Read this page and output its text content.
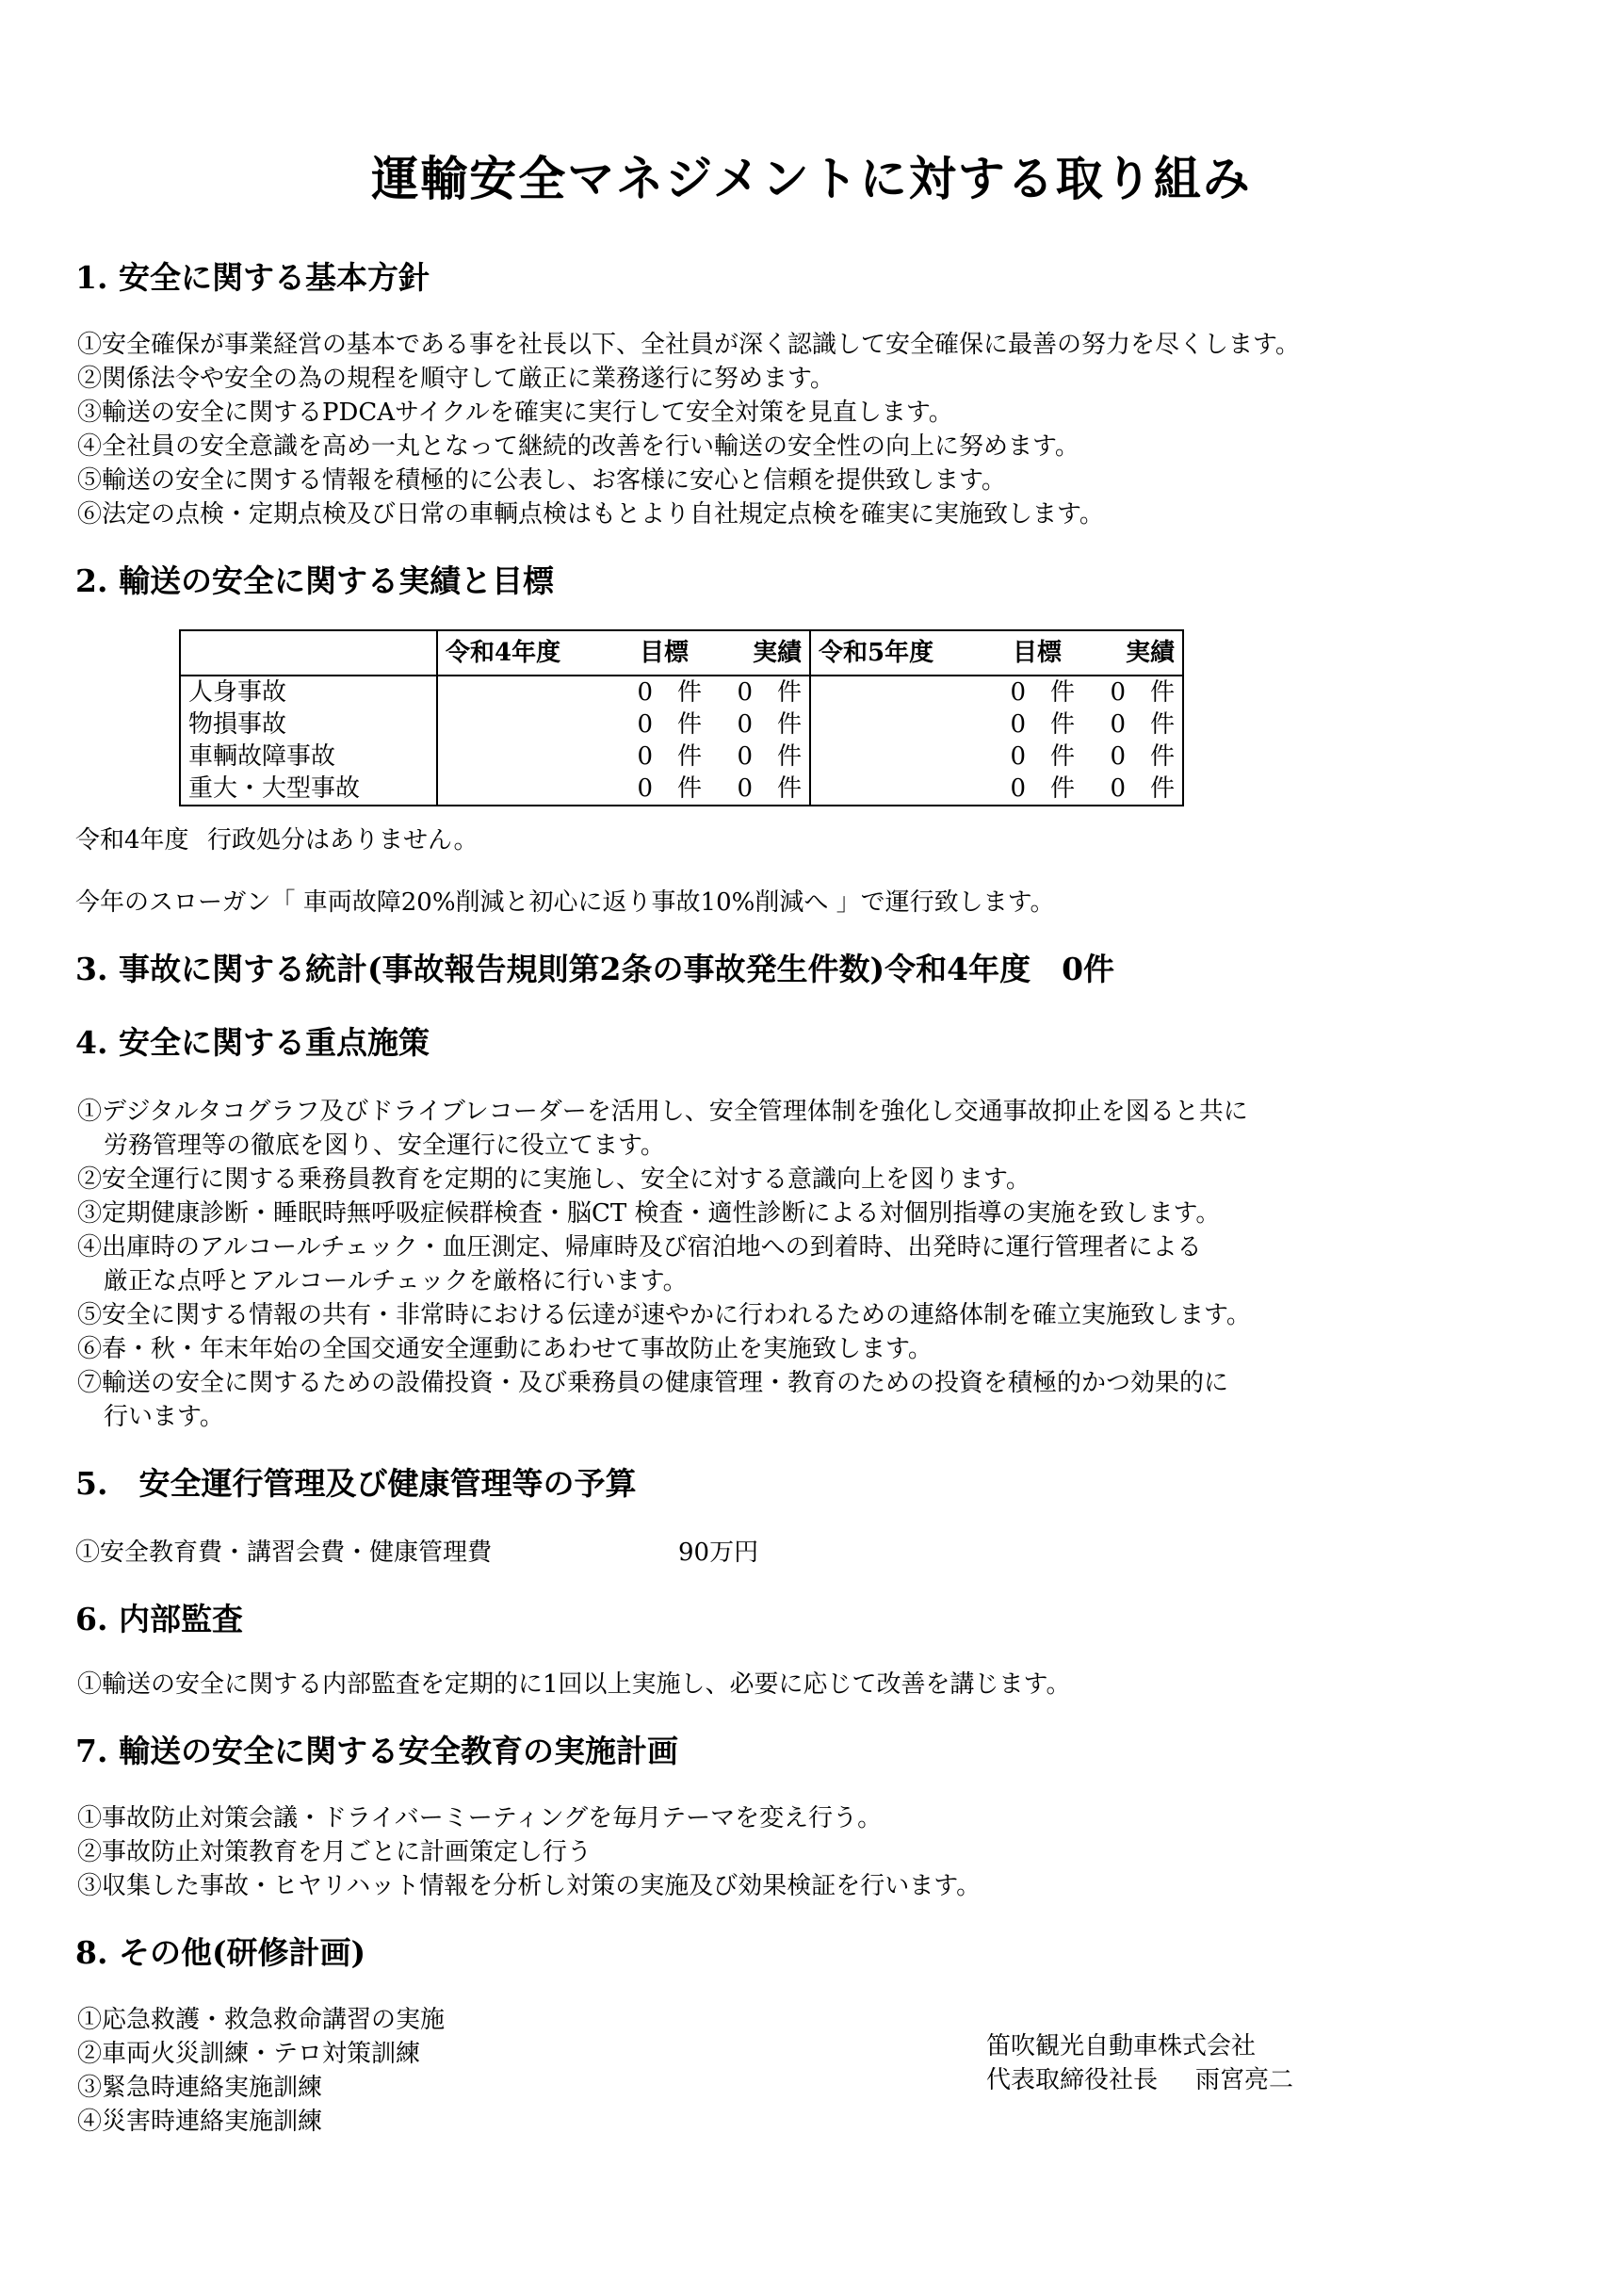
運輸安全マネジメントに対する取り組み
1. 安全に関する基本方針
①安全確保が事業経営の基本である事を社長以下、全社員が深く認識して安全確保に最善の努力を尽くします。
②関係法令や安全の為の規程を順守して厳正に業務遂行に努めます。
③輸送の安全に関するPDCAサイクルを確実に実行して安全対策を見直します。
④全社員の安全意識を高め一丸となって継続的改善を行い輸送の安全性の向上に努めます。
⑤輸送の安全に関する情報を積極的に公表し、お客様に安心と信頼を提供致します。
⑥法定の点検・定期点検及び日常の車輌点検はもとより自社規定点検を確実に実施致します。
2. 輸送の安全に関する実績と目標
	令和4年度	目標	実績	令和5年度	目標	実績
人身事故		0 件	0 件		0 件	0 件
物損事故		0 件	0 件		0 件	0 件
車輌故障事故		0 件	0 件		0 件	0 件
重大・大型事故		0 件	0 件		0 件	0 件

令和4年度 行政処分はありません。

今年のスローガン「 車両故障20%削減と初心に返り事故10%削減へ 」で運行致します。

3. 事故に関する統計(事故報告規則第2条の事故発生件数)令和4年度　0件
4. 安全に関する重点施策
①デジタルタコグラフ及びドライブレコーダーを活用し、安全管理体制を強化し交通事故抑止を図ると共に
労務管理等の徹底を図り、安全運行に役立てます。
②安全運行に関する乗務員教育を定期的に実施し、安全に対する意識向上を図ります。
③定期健康診断・睡眠時無呼吸症候群検査・脳CT 検査・適性診断による対個別指導の実施を致します。
④出庫時のアルコールチェック・血圧測定、帰庫時及び宿泊地への到着時、出発時に運行管理者による
厳正な点呼とアルコールチェックを厳格に行います。
⑤安全に関する情報の共有・非常時における伝達が速やかに行われるための連絡体制を確立実施致します。
⑥春・秋・年末年始の全国交通安全運動にあわせて事故防止を実施致します。
⑦輸送の安全に関するための設備投資・及び乗務員の健康管理・教育のための投資を積極的かつ効果的に
行います。
5.　安全運行管理及び健康管理等の予算
①安全教育費・講習会費・健康管理費	90万円
6. 内部監査
①輸送の安全に関する内部監査を定期的に1回以上実施し、必要に応じて改善を講じます。
7. 輸送の安全に関する安全教育の実施計画
①事故防止対策会議・ドライバーミーティングを毎月テーマを変え行う。
②事故防止対策教育を月ごとに計画策定し行う
③収集した事故・ヒヤリハット情報を分析し対策の実施及び効果検証を行います。
8. その他(研修計画)
①応急救護・救急救命講習の実施
②車両火災訓練・テロ対策訓練
③緊急時連絡実施訓練
④災害時連絡実施訓練
笛吹観光自動車株式会社
代表取締役社長 雨宮亮二
